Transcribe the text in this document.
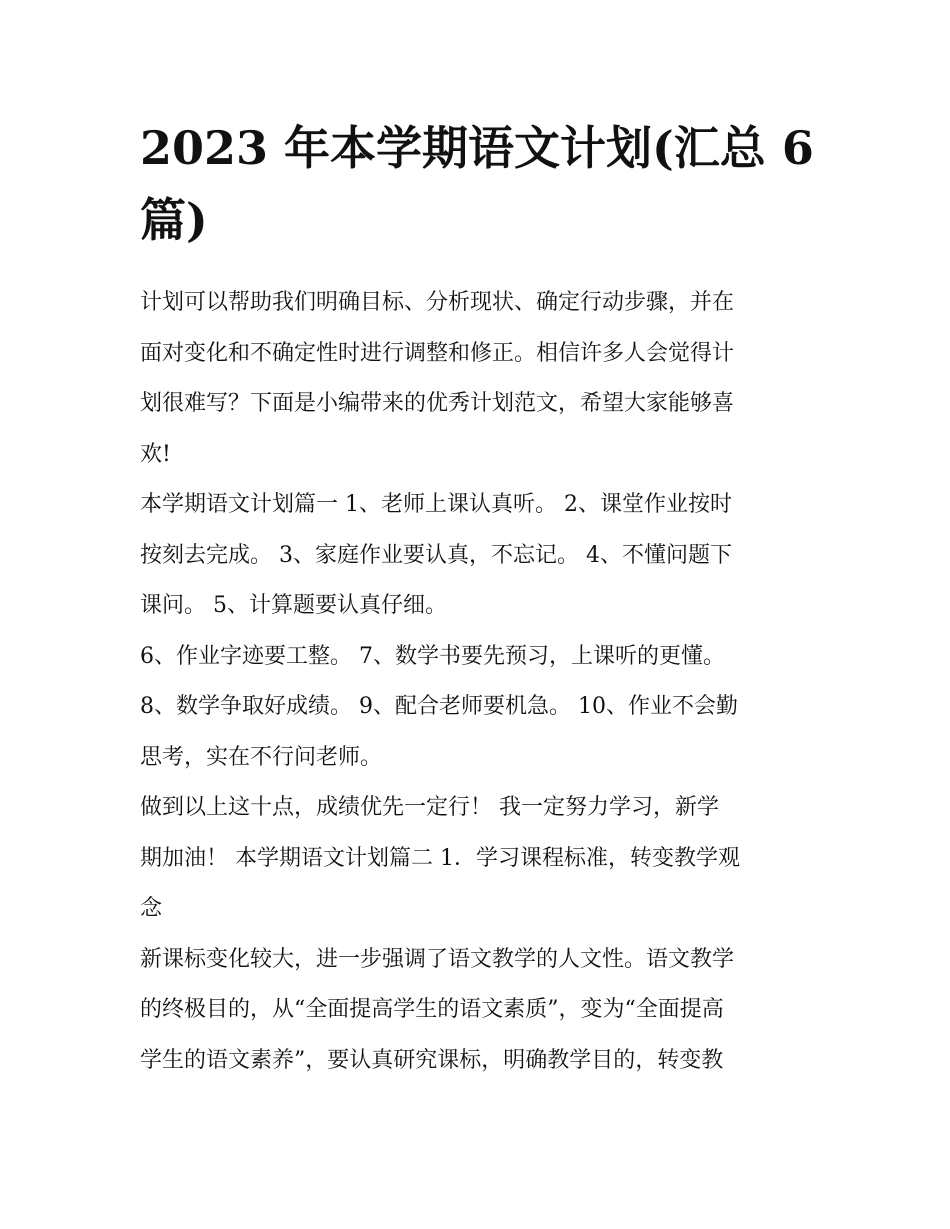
2023 年本学期语文计划(汇总 6
篇)

计划可以帮助我们明确目标、分析现状、确定行动步骤，并在
面对变化和不确定性时进行调整和修正。相信许多人会觉得计
划很难写？下面是小编带来的优秀计划范文，希望大家能够喜
欢!

本学期语文计划篇一 1、老师上课认真听。 2、课堂作业按时
按刻去完成。 3、家庭作业要认真，不忘记。 4、不懂问题下
课问。 5、计算题要认真仔细。

6、作业字迹要工整。 7、数学书要先预习，上课听的更懂。
8、数学争取好成绩。 9、配合老师要机急。 10、作业不会勤
思考，实在不行问老师。

做到以上这十点，成绩优先一定行！ 我一定努力学习，新学
期加油！ 本学期语文计划篇二 1．学习课程标准，转变教学观
念

新课标变化较大，进一步强调了语文教学的人文性。语文教学
的终极目的，从“全面提高学生的语文素质”，变为“全面提高
学生的语文素养”，要认真研究课标，明确教学目的，转变教
